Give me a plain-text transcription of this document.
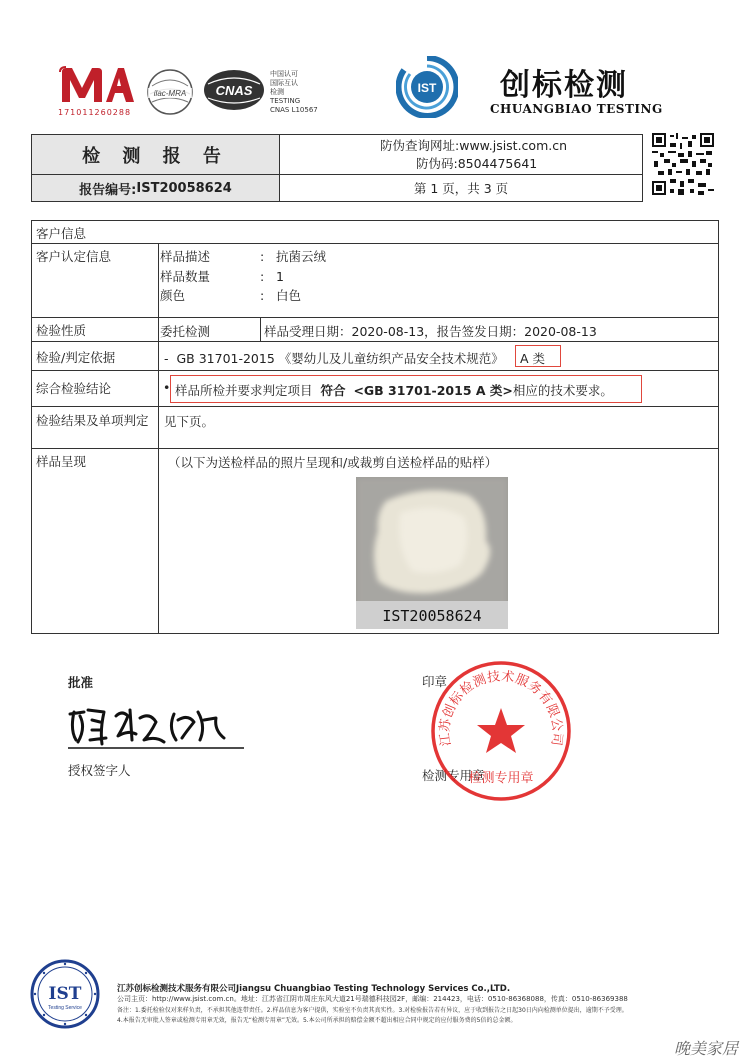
171011260288
ilac-MRA CNAS
中国认可
国际互认
检测
TESTING
CNAS L10567
IST 创标检测
CHUANGBIAO TESTING
检 测 报 告
报告编号: IST20058624
防伪查询网址:www.jsist.com.cn
防伪码:8504475641
第 1 页，共 3 页
客户信息
客户认定信息	样品描述	: 抗菌云绒
样品数量	: 1
颜色	: 白色
检验性质	委托检测	样品受理日期：2020-08-13，报告签发日期：2020-08-13
检验/判定依据	- GB 31701-2015 《婴幼儿及儿童纺织产品安全技术规范》 A 类
综合检验结论	• 样品所检并要求判定项目 符合 <GB 31701-2015 A 类>相应的技术要求。
检验结果及单项判定	见下页。
样品呈现	（以下为送检样品的照片呈现和/或裁剪自送检样品的贴样）
IST20058624
批准
授权签字人
印章
检测专用章
江苏创标检测技术服务有限公司
检测专用章
IST
Testing Service
江苏创标检测技术服务有限公司Jiangsu Chuangbiao Testing Technology Services Co.,LTD.
公司主页：http://www.jsist.com.cn。地址：江苏省江阴市周庄东风大道21号瑞德科技园2F，邮编：214423，电话：0510-86368088，传真：0510-86369388
备注：1.委托检验仅对来样负责，不承担其他连带责任。2.样品信息为客户提供，实验室不负责其真实性。3.对检验报告若有异议，应于收到报告之日起30日内向检测单位提出，逾期不予受理。
4.本报告无审批人签章或检测专用章无效，报告无“检测专用章”无效。5.本公司所承担的赔偿金额不超出相应合同中规定的应付服务费的5倍的总金额。
晚美家居
